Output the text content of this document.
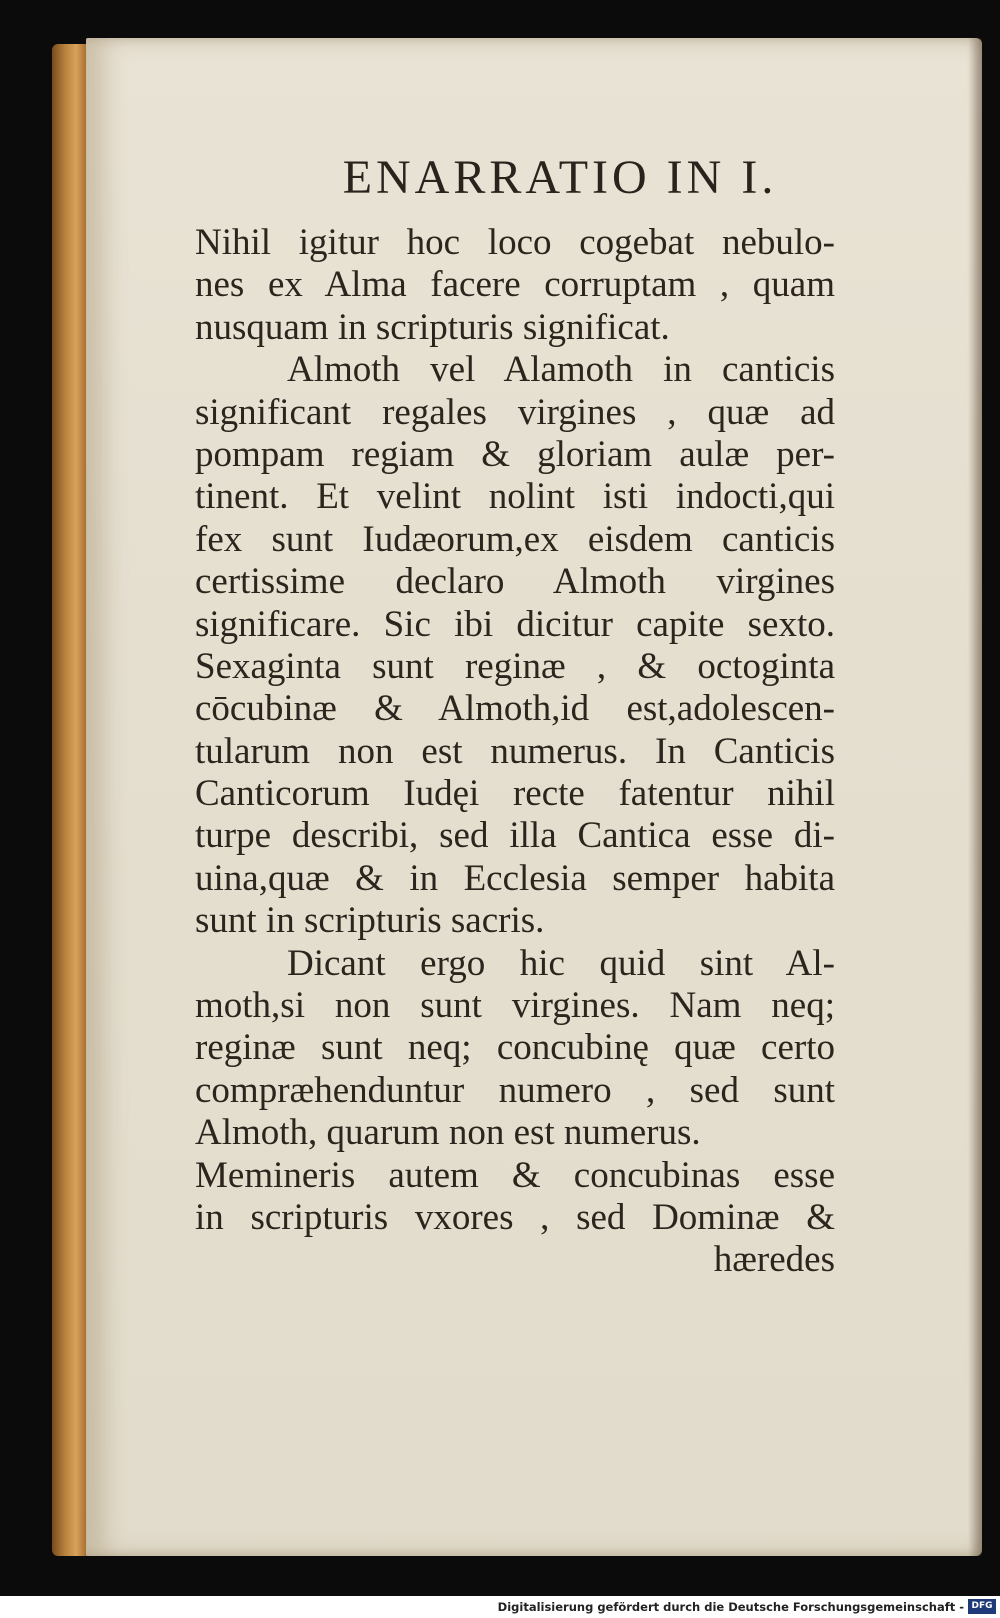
ENARRATIO IN I.
Nihil igitur hoc loco cogebat nebulo-
nes ex Alma facere corruptam , quam
nusquam in scripturis significat.
Almoth vel Alamoth in canticis
significant regales virgines , quæ ad
pompam regiam & gloriam aulæ per-
tinent. Et velint nolint isti indocti,qui
fex sunt Iudæorum,ex eisdem canticis
certissime declaro Almoth virgines
significare. Sic ibi dicitur capite sexto.
Sexaginta sunt reginæ , & octoginta
cōcubinæ & Almoth,id est,adolescen-
tularum non est numerus. In Canticis
Canticorum Iudęi recte fatentur nihil
turpe describi, sed illa Cantica esse di-
uina,quæ & in Ecclesia semper habita
sunt in scripturis sacris.
Dicant ergo hic quid sint Al-
moth,si non sunt virgines. Nam neq;
reginæ sunt neq; concubinę quæ certo
compræhenduntur numero , sed sunt
Almoth, quarum non est numerus.
Memineris autem & concubinas esse
in scripturis vxores , sed Dominæ &
hæredes
Digitalisierung gefördert durch die Deutsche Forschungsgemeinschaft - DFG
